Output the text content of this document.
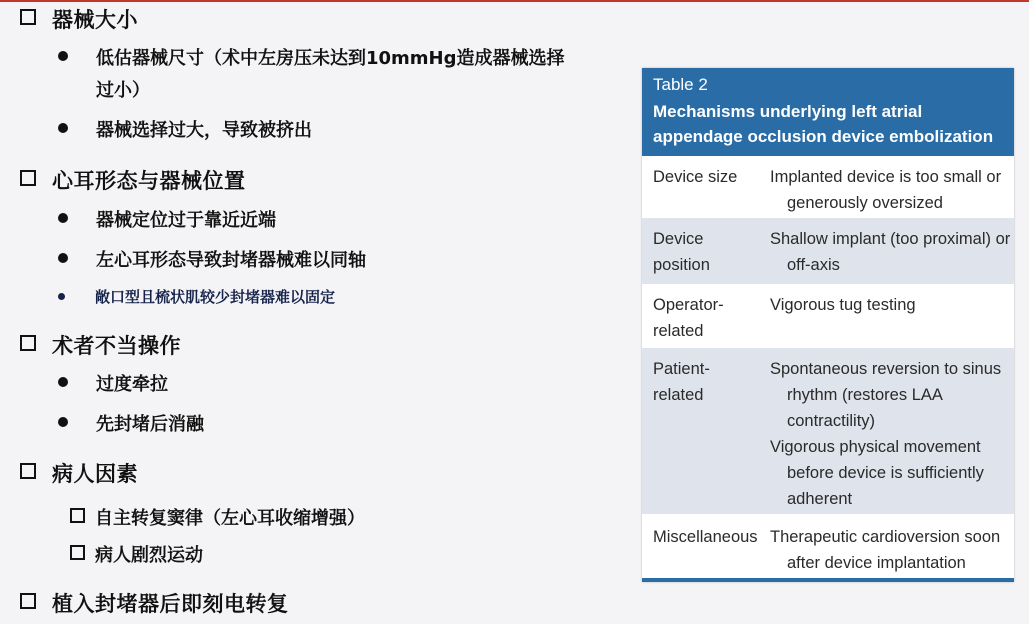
器械大小
低估器械尺寸（术中左房压未达到10mmHg造成器械选择
过小）
器械选择过大，导致被挤出
心耳形态与器械位置
器械定位过于靠近近端
左心耳形态导致封堵器械难以同轴
敞口型且梳状肌较少封堵器难以固定
术者不当操作
过度牵拉
先封堵后消融
病人因素
自主转复窦律（左心耳收缩增强）
病人剧烈运动
植入封堵器后即刻电转复
Table 2
Mechanisms underlying left atrial appendage occlusion device embolization
Device size Implanted device is too small or generously oversized
Device position
Shallow implant (too proximal) or off-axis
Operator-related
Vigorous tug testing
Patient-related
Spontaneous reversion to sinus rhythm (restores LAA contractility)
Vigorous physical movement before device is sufficiently adherent
Miscellaneous Therapeutic cardioversion soon after device implantation
